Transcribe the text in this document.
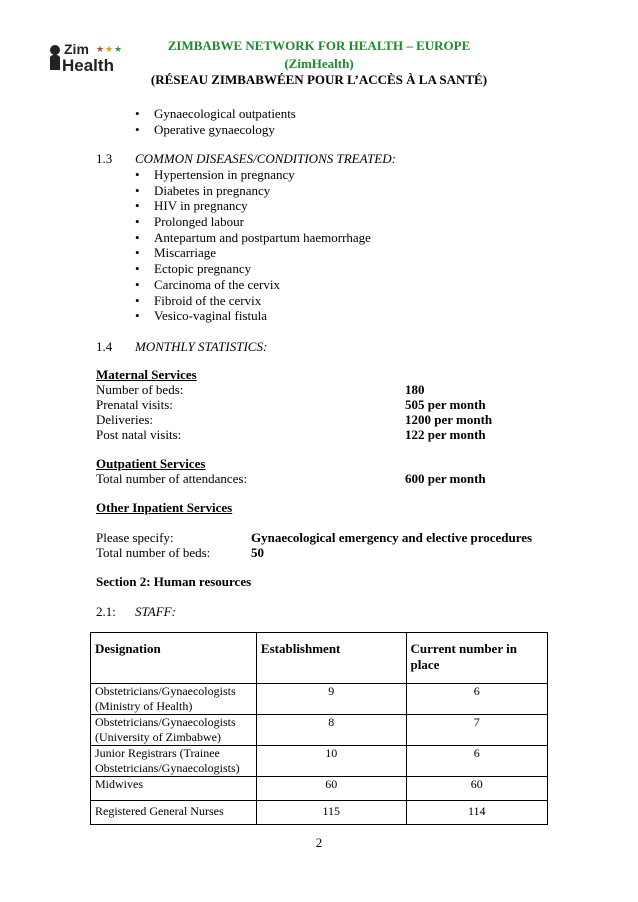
Zim ★ ★ ★
Health
ZIMBABWE NETWORK FOR HEALTH – EUROPE
(ZimHealth)
(RÉSEAU ZIMBABWÉEN POUR L’ACCÈS À LA SANTÉ)
• Gynaecological outpatients
• Operative gynaecology
1.3 COMMON DISEASES/CONDITIONS TREATED:
• Hypertension in pregnancy
• Diabetes in pregnancy
• HIV in pregnancy
• Prolonged labour
• Antepartum and postpartum haemorrhage
• Miscarriage
• Ectopic pregnancy
• Carcinoma of the cervix
• Fibroid of the cervix
• Vesico-vaginal fistula
1.4 MONTHLY STATISTICS:
Maternal Services
Number of beds:	180
Prenatal visits:	505 per month
Deliveries:	1200 per month
Post natal visits:	122 per month
Outpatient Services
Total number of attendances:	600 per month
Other Inpatient Services
Please specify:	Gynaecological emergency and elective procedures
Total number of beds:	50
Section 2: Human resources
2.1: STAFF:
Designation	Establishment	Current number in place
Obstetricians/Gynaecologists (Ministry of Health)	9	6
Obstetricians/Gynaecologists (University of Zimbabwe)	8	7
Junior Registrars (Trainee Obstetricians/Gynaecologists)	10	6
Midwives	60	60
Registered General Nurses	115	114
2
